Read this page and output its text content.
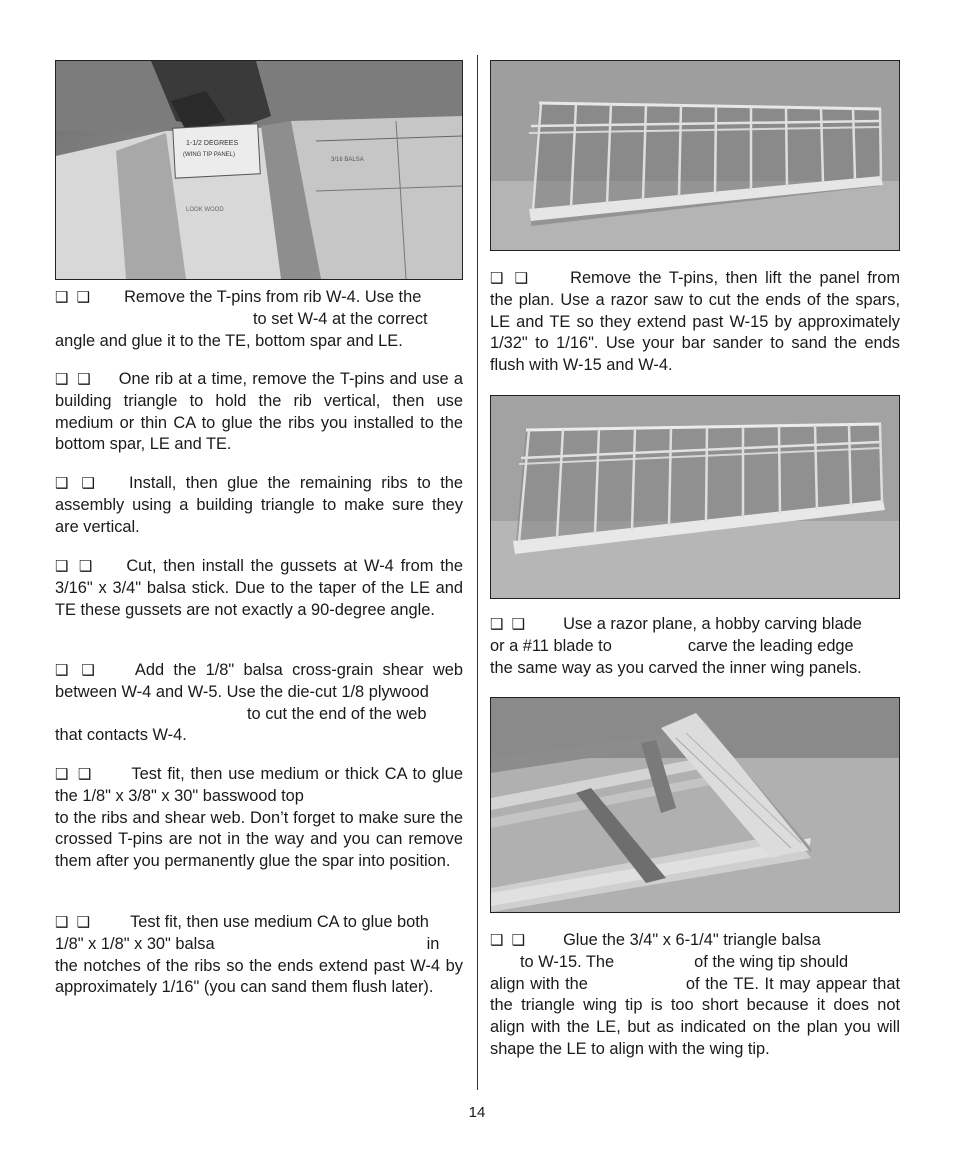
1-1/2 DEGREES
(WING TIP PANEL)
3/16 BALSA
LOOK WOOD
❑ ❑ Remove the T-pins from rib W-4. Use the
to set W-4 at the correct
angle and glue it to the TE, bottom spar and LE.
❑ ❑ One rib at a time, remove the T-pins and use a building triangle to hold the rib vertical, then use medium or thin CA to glue the ribs you installed to the bottom spar, LE and TE.
❑ ❑ Install, then glue the remaining ribs to the assembly using a building triangle to make sure they are vertical.
❑ ❑ Cut, then install the gussets at W-4 from the 3/16" x 3/4" balsa stick. Due to the taper of the LE and TE these gussets are not exactly a 90-degree angle.
❑ ❑ Add the 1/8" balsa cross-grain shear web between W-4 and W-5. Use the die-cut 1/8 plywood
to cut the end of the web
that contacts W-4.
❑ ❑ Test fit, then use medium or thick CA to glue the 1/8" x 3/8" x 30" basswood top
to the ribs and shear web. Don’t forget to make sure the crossed T-pins are not in the way and you can remove them after you permanently glue the spar into position.
❑ ❑ Test fit, then use medium CA to glue both
1/8" x 1/8" x 30" balsa	in
the notches of the ribs so the ends extend past W-4 by approximately 1/16" (you can sand them flush later).
❑ ❑ Remove the T-pins, then lift the panel from the plan. Use a razor saw to cut the ends of the spars, LE and TE so they extend past W-15 by approximately 1/32" to 1/16". Use your bar sander to sand the ends flush with W-15 and W-4.
❑ ❑ Use a razor plane, a hobby carving blade
or a #11 blade to	carve the leading edge
the same way as you carved the inner wing panels.
❑ ❑ Glue the 3/4" x 6-1/4" triangle balsa
to W-15. The	of the wing tip should
align with the	of the TE. It may appear that the triangle wing tip is too short because it does not align with the LE, but as indicated on the plan you will shape the LE to align with the wing tip.
14
